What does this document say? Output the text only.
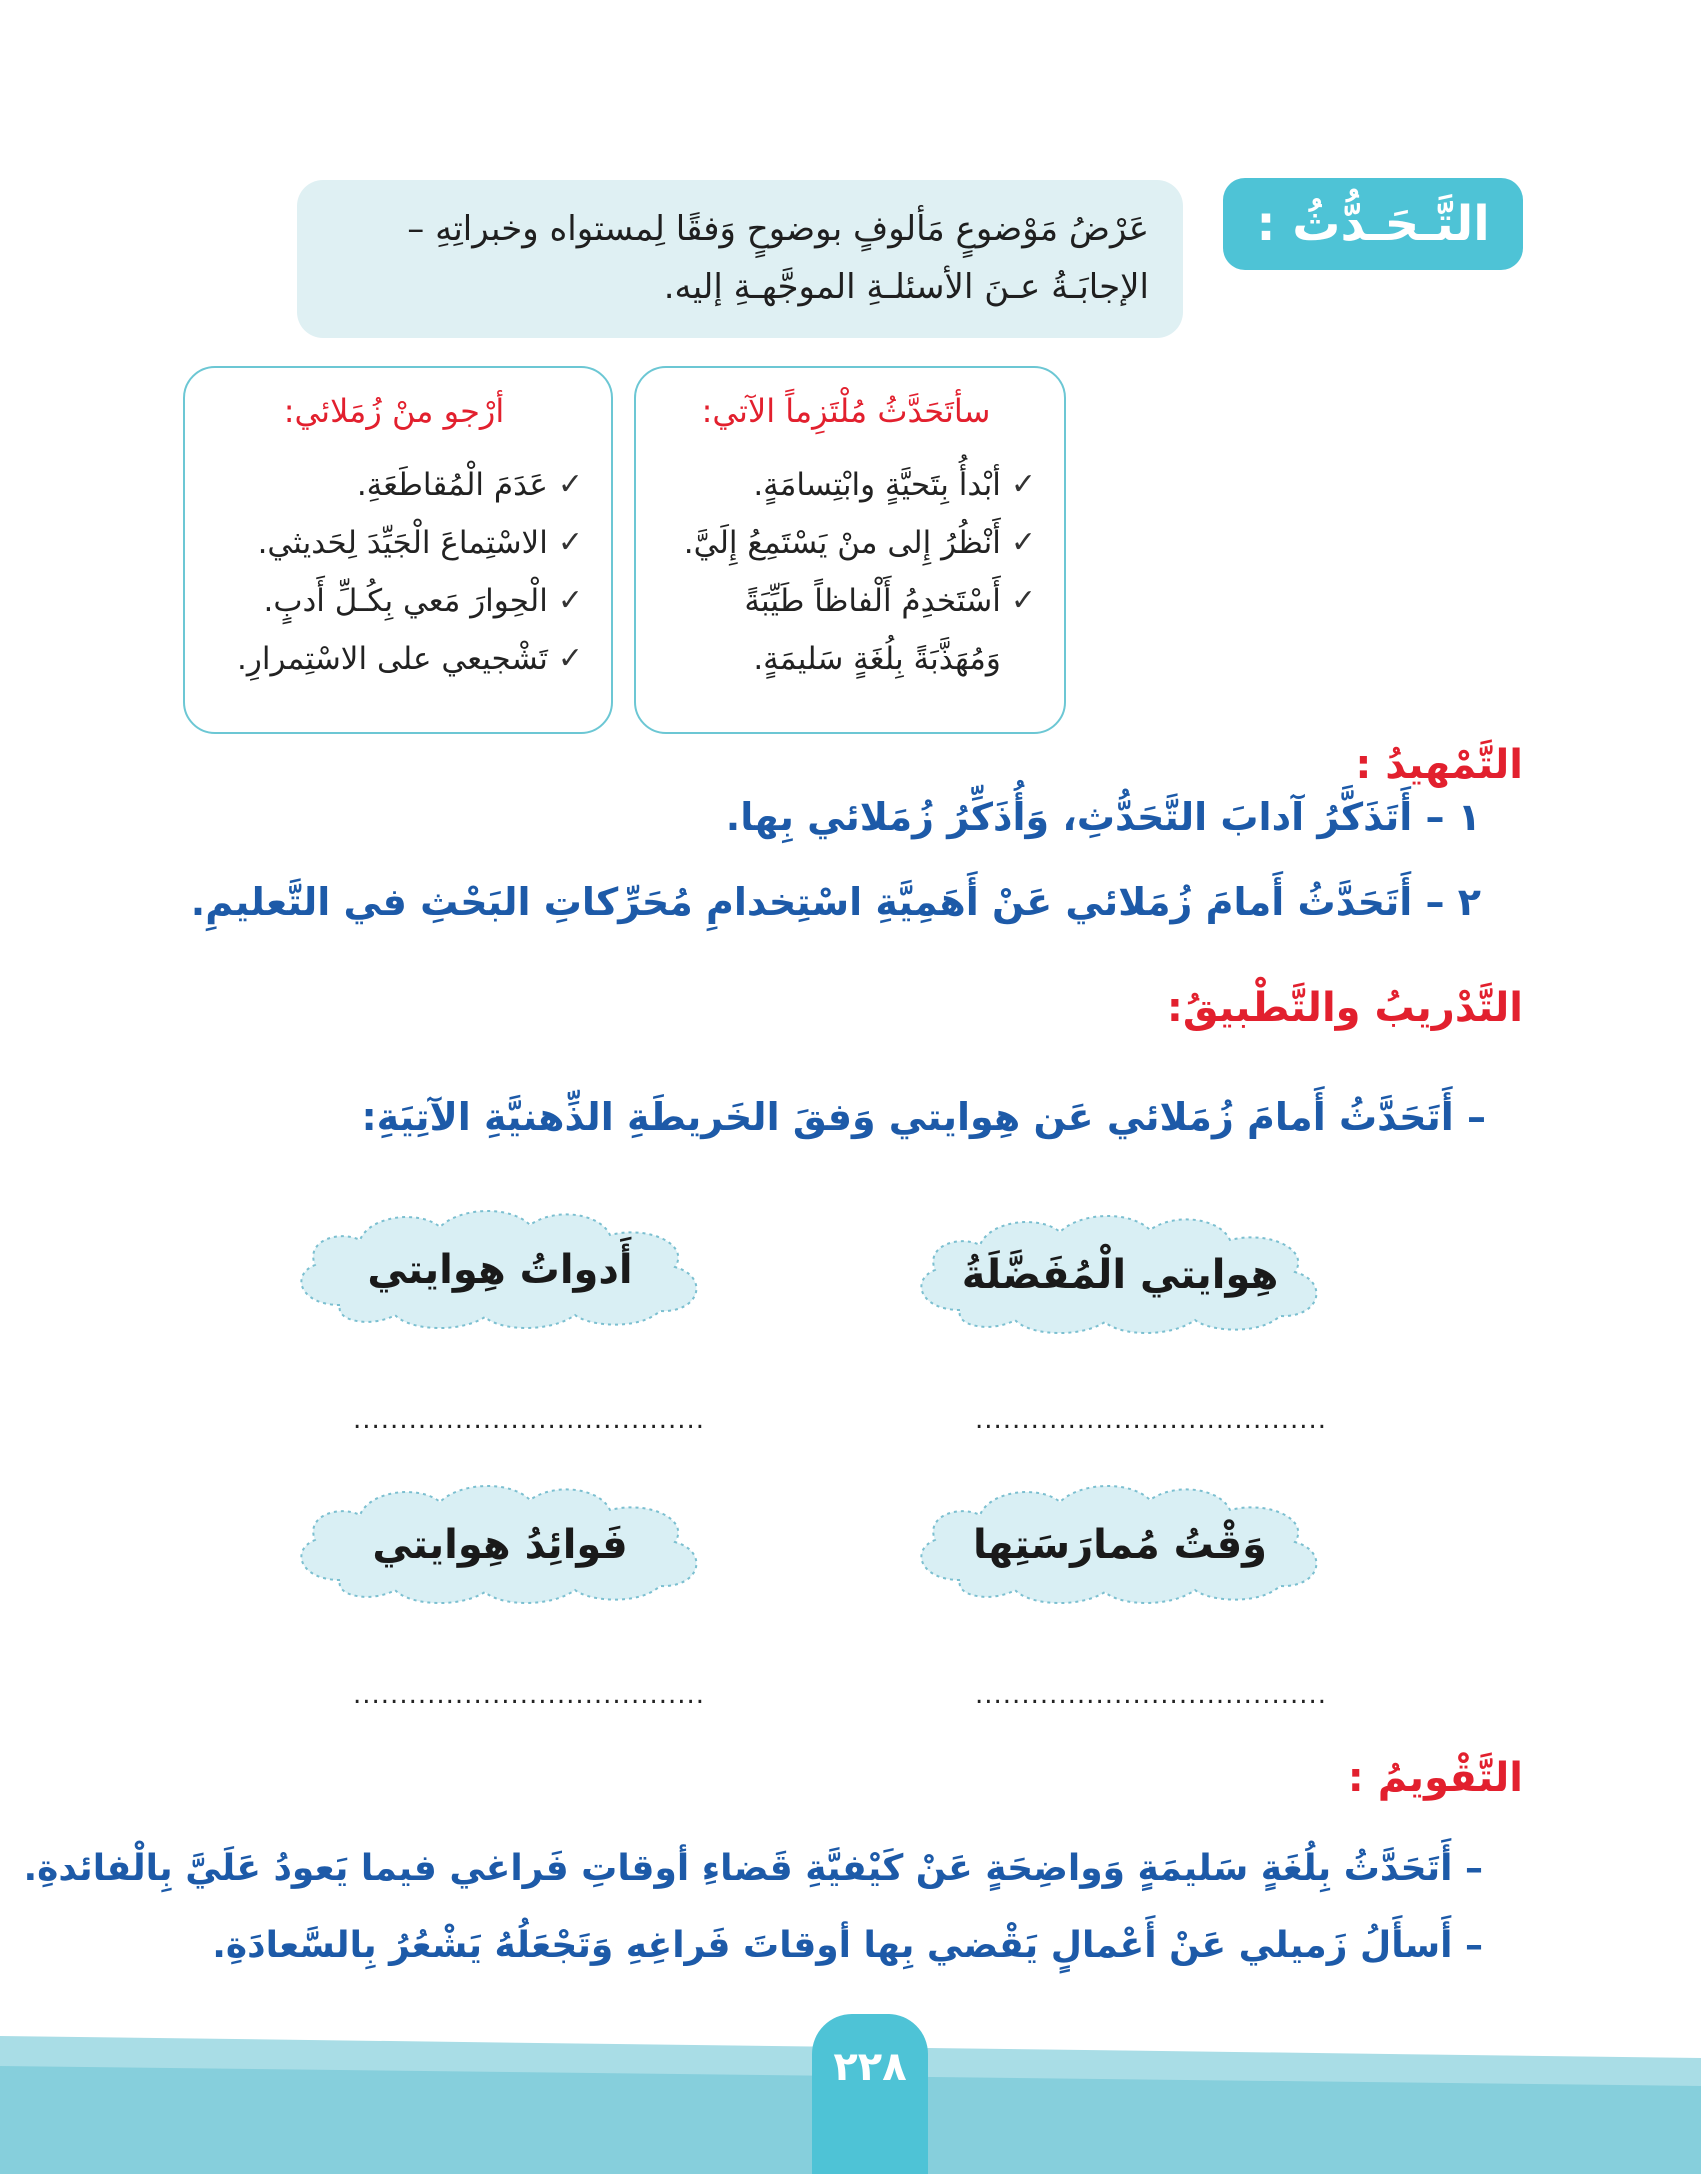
التَّـحَـدُّثُ :
عَرْضُ مَوْضوعٍ مَألوفٍ بوضوحٍ وَفقًا لِمستواه وخبراتِهِ –
الإجابَـةُ عـنَ الأسئلـةِ الموجَّهـةِ إليه.
سأتَحَدَّثُ مُلْتَزِماً الآتي:
✓
أبْدأُ بِتَحيَّةٍ وابْتِسامَةٍ.
✓
أَنْظُرُ إِلى منْ يَسْتَمِعُ إِلَيَّ.
✓
أَسْتَخدِمُ أَلْفاظاً طَيِّبَةً وَمُهَذَّبَةً بِلُغَةٍ سَليمَةٍ.
أرْجو منْ زُمَلائي:
✓
عَدَمَ الْمُقاطَعَةِ.
✓
الاسْتِماعَ الْجَيِّدَ لِحَديثي.
✓
الْحِوارَ مَعي بِكُـلِّ أَدبٍ.
✓
تَشْجيعي على الاسْتِمرارِ.
التَّمْهيدُ :
١ – أَتَذَكَّرُ آدابَ التَّحَدُّثِ، وَأُذَكِّرُ زُمَلائي بِها.
٢ – أَتَحَدَّثُ أَمامَ زُمَلائي عَنْ أَهَمِيَّةِ اسْتِخدامِ مُحَرِّكاتِ البَحْثِ في التَّعليمِ.
التَّدْريبُ والتَّطْبيقُ:
– أَتَحَدَّثُ أَمامَ زُمَلائي عَن هِوايتي وَفقَ الخَريطَةِ الذِّهنيَّةِ الآتِيَةِ:
هِوايتي الْمُفَضَّلَةُ
أَدواتُ هِوايتي
......................................
......................................
وَقْتُ مُمارَسَتِها
فَوائِدُ هِوايتي
......................................
......................................
التَّقْويمُ :
– أَتَحَدَّثُ بِلُغَةٍ سَليمَةٍ وَواضِحَةٍ عَنْ كَيْفيَّةِ قَضاءِ أوقاتِ فَراغي فيما يَعودُ عَلَيَّ بِالْفائدةِ.
– أَسأَلُ زَميلي عَنْ أَعْمالٍ يَقْضي بِها أوقاتَ فَراغِهِ وَتَجْعَلُهُ يَشْعُرُ بِالسَّعادَةِ.
٢٢٨
